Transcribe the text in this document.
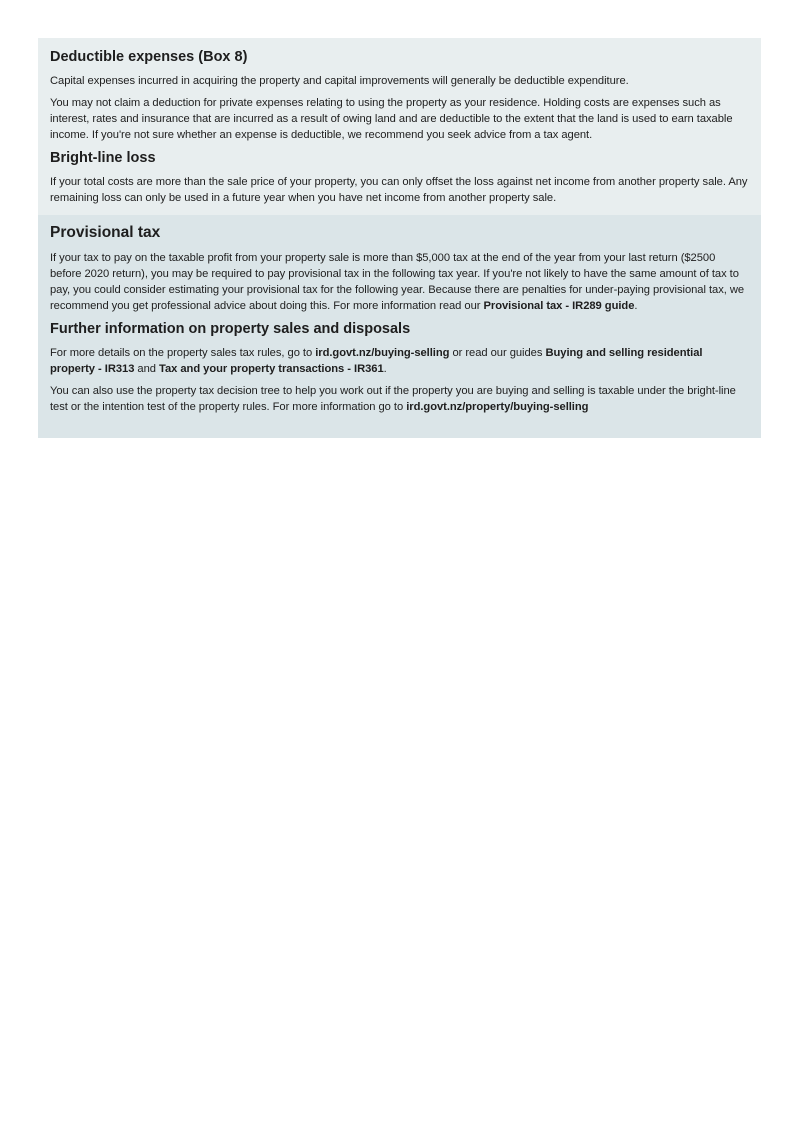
Deductible expenses (Box 8)

Capital expenses incurred in acquiring the property and capital improvements will generally be deductible expenditure.

You may not claim a deduction for private expenses relating to using the property as your residence. Holding costs are expenses such as interest, rates and insurance that are incurred as a result of owing land and are deductible to the extent that the land is used to earn taxable income. If you're not sure whether an expense is deductible, we recommend you seek advice from a tax agent.

Bright-line loss

If your total costs are more than the sale price of your property, you can only offset the loss against net income from another property sale. Any remaining loss can only be used in a future year when you have net income from another property sale.

Provisional tax

If your tax to pay on the taxable profit from your property sale is more than $5,000 tax at the end of the year from your last return ($2500 before 2020 return), you may be required to pay provisional tax in the following tax year. If you're not likely to have the same amount of tax to pay, you could consider estimating your provisional tax for the following year. Because there are penalties for under-paying provisional tax, we recommend you get professional advice about doing this. For more information read our Provisional tax - IR289 guide.

Further information on property sales and disposals

For more details on the property sales tax rules, go to ird.govt.nz/buying-selling or read our guides Buying and selling residential property - IR313 and Tax and your property transactions - IR361.

You can also use the property tax decision tree to help you work out if the property you are buying and selling is taxable under the bright-line test or the intention test of the property rules. For more information go to ird.govt.nz/property/buying-selling
